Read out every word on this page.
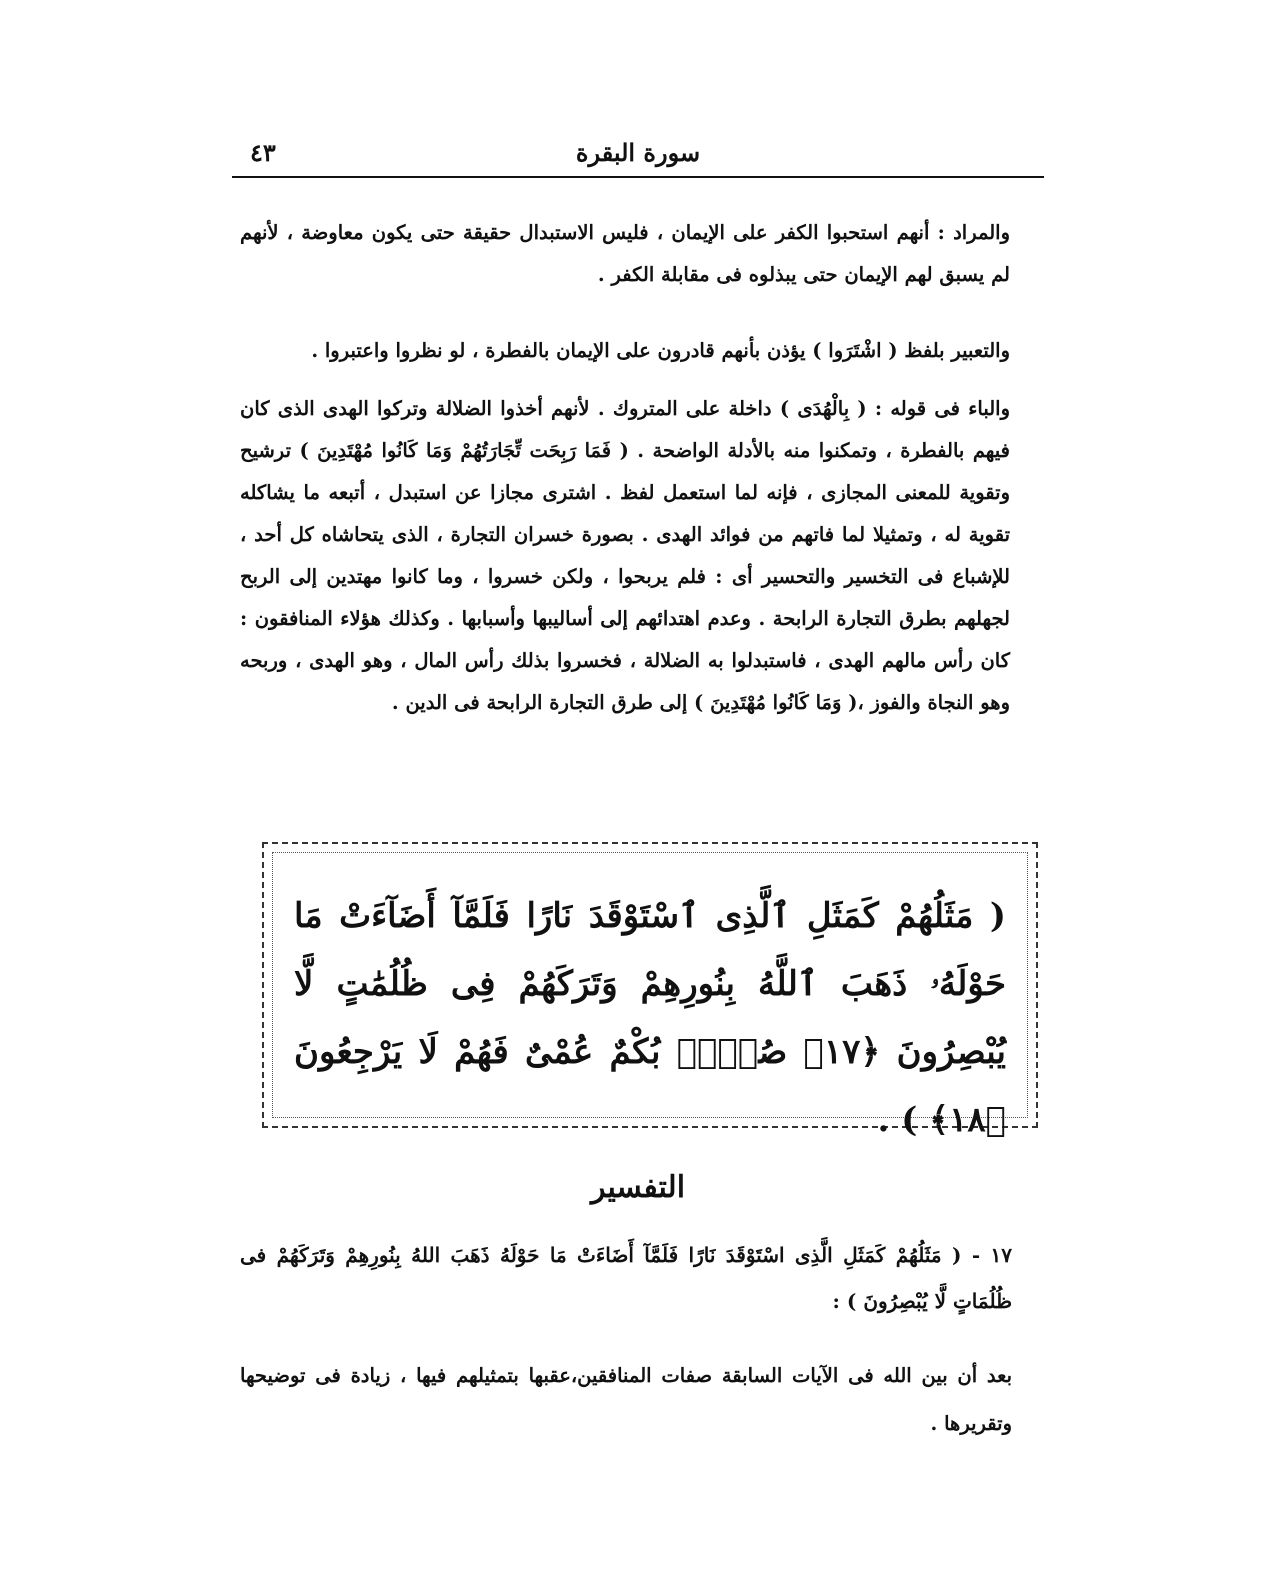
سورة البقرة
٤٣

والمراد : أنهم استحبوا الكفر على الإيمان ، فليس الاستبدال حقيقة حتى يكون معاوضة ، لأنهم لم يسبق لهم الإيمان حتى يبذلوه فى مقابلة الكفر .

والتعبير بلفظ ( اشْتَرَوا ) يؤذن بأنهم قادرون على الإيمان بالفطرة ، لو نظروا واعتبروا .

والباء فى قوله : ( بِالْهُدَى ) داخلة على المتروك . لأنهم أخذوا الضلالة وتركوا الهدى الذى كان فيهم بالفطرة ، وتمكنوا منه بالأدلة الواضحة . ( فَمَا رَبِحَت تِّجَارَتُهُمْ وَمَا كَانُوا مُهْتَدِينَ ) ترشيح وتقوية للمعنى المجازى ، فإنه لما استعمل لفظ . اشترى مجازا عن استبدل ، أتبعه ما يشاكله تقوية له ، وتمثيلا لما فاتهم من فوائد الهدى . بصورة خسران التجارة ، الذى يتحاشاه كل أحد ، للإشباع فى التخسير والتحسير أى : فلم يربحوا ، ولكن خسروا ، وما كانوا مهتدين إلى الربح لجهلهم بطرق التجارة الرابحة . وعدم اهتدائهم إلى أساليبها وأسبابها . وكذلك هؤلاء المنافقون : كان رأس مالهم الهدى ، فاستبدلوا به الضلالة ، فخسروا بذلك رأس المال ، وهو الهدى ، وربحه وهو النجاة والفوز ،( وَمَا كَانُوا مُهْتَدِينَ ) إلى طرق التجارة الرابحة فى الدين .

( مَثَلُهُمْ كَمَثَلِ ٱلَّذِى ٱسْتَوْقَدَ نَارًا فَلَمَّآ أَضَآءَتْ مَا حَوْلَهُۥ ذَهَبَ ٱللَّهُ بِنُورِهِمْ وَتَرَكَهُمْ فِى ظُلُمَٰتٍ لَّا يُبْصِرُونَ ﴿١٧﴾ صُمٌّۢ بُكْمٌ عُمْىٌ فَهُمْ لَا يَرْجِعُونَ ﴿١٨﴾ ) .
التفسير
١٧ - ( مَثَلُهُمْ كَمَثَلِ الَّذِى اسْتَوْقَدَ نَارًا فَلَمَّآ أَضَاءَتْ مَا حَوْلَهُ ذَهَبَ اللهُ بِنُورِهِمْ وَتَرَكَهُمْ فى ظُلُمَاتٍ لَّا يُبْصِرُونَ ) :
بعد أن بين الله فى الآيات السابقة صفات المنافقين،عقبها بتمثيلهم فيها ، زيادة فى توضيحها وتقريرها .
